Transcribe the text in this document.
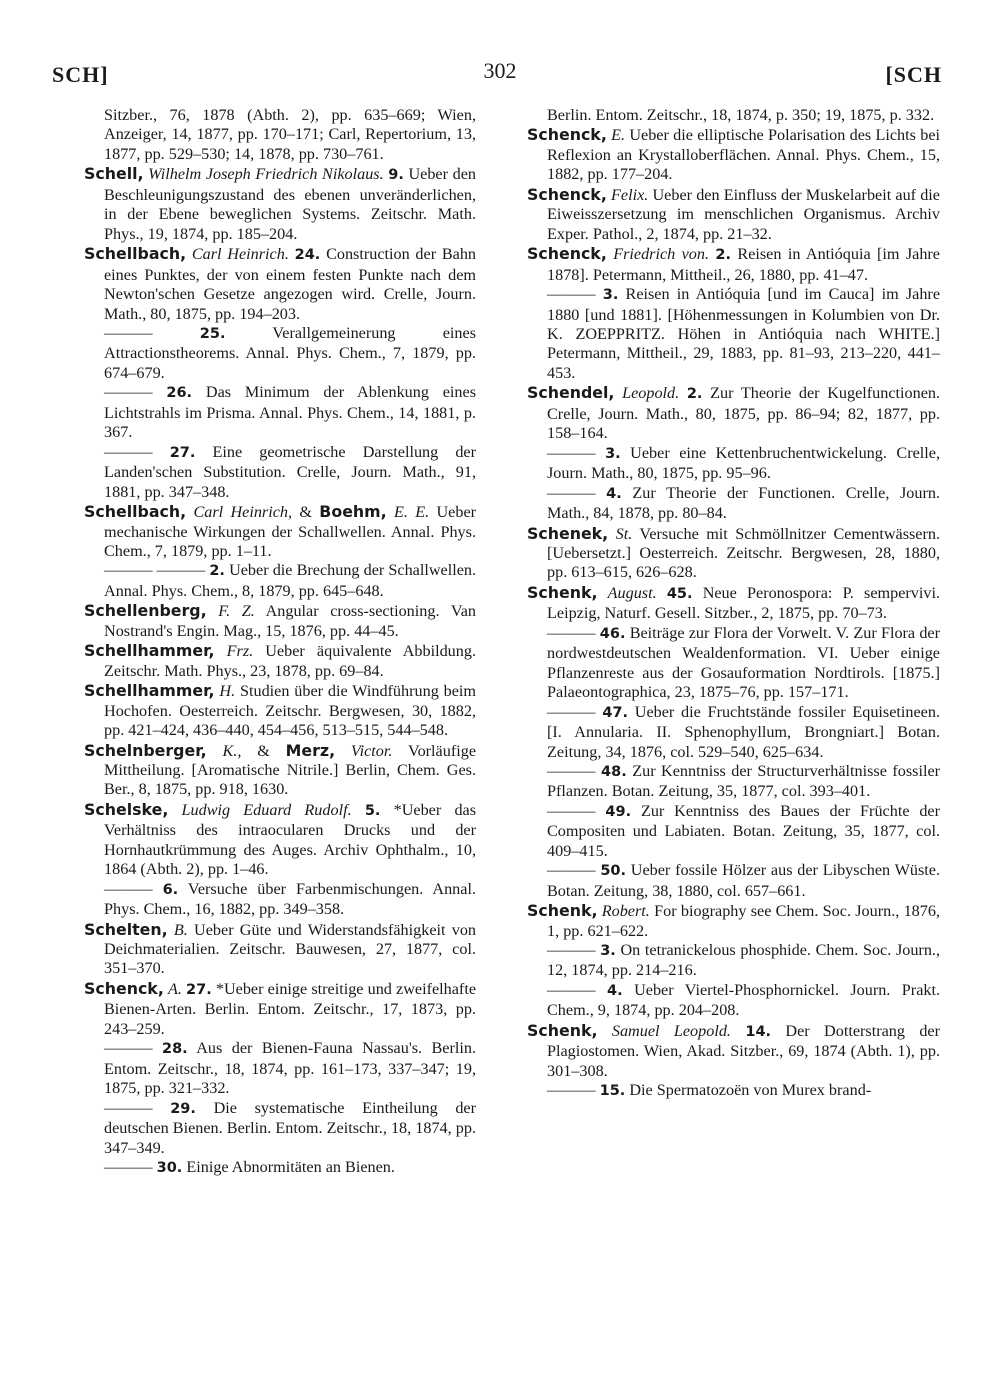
302
SCH]	[SCH

Sitzber., 76, 1878 (Abth. 2), pp. 635–669; Wien, Anzeiger, 14, 1877, pp. 170–171; Carl, Repertorium, 13, 1877, pp. 529–530; 14, 1878, pp. 730–761.

Schell, Wilhelm Joseph Friedrich Nikolaus. 9. Ueber den Beschleunigungszustand des ebenen unveränderlichen, in der Ebene beweglichen Systems. Zeitschr. Math. Phys., 19, 1874, pp. 185–204.

Schellbach, Carl Heinrich. 24. Construction der Bahn eines Punktes, der von einem festen Punkte nach dem Newton'schen Gesetze angezogen wird. Crelle, Journ. Math., 80, 1875, pp. 194–203.

———	25.	Verallgemeinerung eines Attractionstheorems. Annal. Phys. Chem., 7, 1879, pp. 674–679.

——— 26. Das Minimum der Ablenkung eines Lichtstrahls im Prisma. Annal. Phys. Chem., 14, 1881, p. 367.

——— 27. Eine geometrische Darstellung der Landen'schen Substitution. Crelle, Journ. Math., 91, 1881, pp. 347–348.

Schellbach, Carl Heinrich, & Boehm, E. E. Ueber mechanische Wirkungen der Schallwellen. Annal. Phys. Chem., 7, 1879, pp. 1–11.

——— ——— 2. Ueber die Brechung der Schallwellen. Annal. Phys. Chem., 8, 1879, pp. 645–648.

Schellenberg, F. Z. Angular cross-sectioning. Van Nostrand's Engin. Mag., 15, 1876, pp. 44–45.

Schellhammer, Frz. Ueber äquivalente Abbildung. Zeitschr. Math. Phys., 23, 1878, pp. 69–84.

Schellhammer, H. Studien über die Windführung beim Hochofen. Oesterreich. Zeitschr. Bergwesen, 30, 1882, pp. 421–424, 436–440, 454–456, 513–515, 544–548.

Schelnberger, K., & Merz, Victor. Vorläufige Mittheilung. [Aromatische Nitrile.] Berlin, Chem. Ges. Ber., 8, 1875, pp. 918, 1630.

Schelske, Ludwig Eduard Rudolf. 5. *Ueber das Verhältniss des intraocularen Drucks und der Hornhautkrümmung des Auges. Archiv Ophthalm., 10, 1864 (Abth. 2), pp. 1–46.

——— 6. Versuche über Farbenmischungen. Annal. Phys. Chem., 16, 1882, pp. 349–358.

Schelten, B. Ueber Güte und Widerstandsfähigkeit von Deichmaterialien. Zeitschr. Bauwesen, 27, 1877, col. 351–370.

Schenck, A. 27. *Ueber einige streitige und zweifelhafte Bienen-Arten. Berlin. Entom. Zeitschr., 17, 1873, pp. 243–259.

——— 28. Aus der Bienen-Fauna Nassau's. Berlin. Entom. Zeitschr., 18, 1874, pp. 161–173, 337–347; 19, 1875, pp. 321–332.

——— 29. Die systematische Eintheilung der deutschen Bienen. Berlin. Entom. Zeitschr., 18, 1874, pp. 347–349.

——— 30. Einige Abnormitäten an Bienen.

Berlin. Entom. Zeitschr., 18, 1874, p. 350; 19, 1875, p. 332.

Schenck, E. Ueber die elliptische Polarisation des Lichts bei Reflexion an Krystalloberflächen. Annal. Phys. Chem., 15, 1882, pp. 177–204.

Schenck, Felix. Ueber den Einfluss der Muskelarbeit auf die Eiweisszersetzung im menschlichen Organismus. Archiv Exper. Pathol., 2, 1874, pp. 21–32.

Schenck, Friedrich von. 2. Reisen in Antióquia [im Jahre 1878]. Petermann, Mittheil., 26, 1880, pp. 41–47.

——— 3. Reisen in Antióquia [und im Cauca] im Jahre 1880 [und 1881]. [Höhenmessungen in Kolumbien von Dr. K. ZOEPPRITZ. Höhen in Antióquia nach WHITE.] Petermann, Mittheil., 29, 1883, pp. 81–93, 213–220, 441–453.

Schendel, Leopold. 2. Zur Theorie der Kugelfunctionen. Crelle, Journ. Math., 80, 1875, pp. 86–94; 82, 1877, pp. 158–164.

——— 3. Ueber eine Kettenbruchentwickelung. Crelle, Journ. Math., 80, 1875, pp. 95–96.

——— 4. Zur Theorie der Functionen. Crelle, Journ. Math., 84, 1878, pp. 80–84.

Schenek, St. Versuche mit Schmöllnitzer Cementwässern. [Uebersetzt.] Oesterreich. Zeitschr. Bergwesen, 28, 1880, pp. 613–615, 626–628.

Schenk, August. 45. Neue Peronospora: P. sempervivi. Leipzig, Naturf. Gesell. Sitzber., 2, 1875, pp. 70–73.

——— 46. Beiträge zur Flora der Vorwelt. V. Zur Flora der nordwestdeutschen Wealdenformation. VI. Ueber einige Pflanzenreste aus der Gosauformation Nordtirols. [1875.] Palaeontographica, 23, 1875–76, pp. 157–171.

——— 47. Ueber die Fruchtstände fossiler Equisetineen. [I. Annularia. II. Sphenophyllum, Brongniart.] Botan. Zeitung, 34, 1876, col. 529–540, 625–634.

——— 48. Zur Kenntniss der Structurverhältnisse fossiler Pflanzen. Botan. Zeitung, 35, 1877, col. 393–401.

——— 49. Zur Kenntniss des Baues der Früchte der Compositen und Labiaten. Botan. Zeitung, 35, 1877, col. 409–415.

——— 50. Ueber fossile Hölzer aus der Libyschen Wüste. Botan. Zeitung, 38, 1880, col. 657–661.

Schenk, Robert. For biography see Chem. Soc. Journ., 1876, 1, pp. 621–622.

——— 3. On tetranickelous phosphide. Chem. Soc. Journ., 12, 1874, pp. 214–216.

——— 4. Ueber Viertel-Phosphornickel. Journ. Prakt. Chem., 9, 1874, pp. 204–208.

Schenk, Samuel Leopold. 14. Der Dotterstrang der Plagiostomen. Wien, Akad. Sitzber., 69, 1874 (Abth. 1), pp. 301–308.

——— 15. Die Spermatozoën von Murex brand-
